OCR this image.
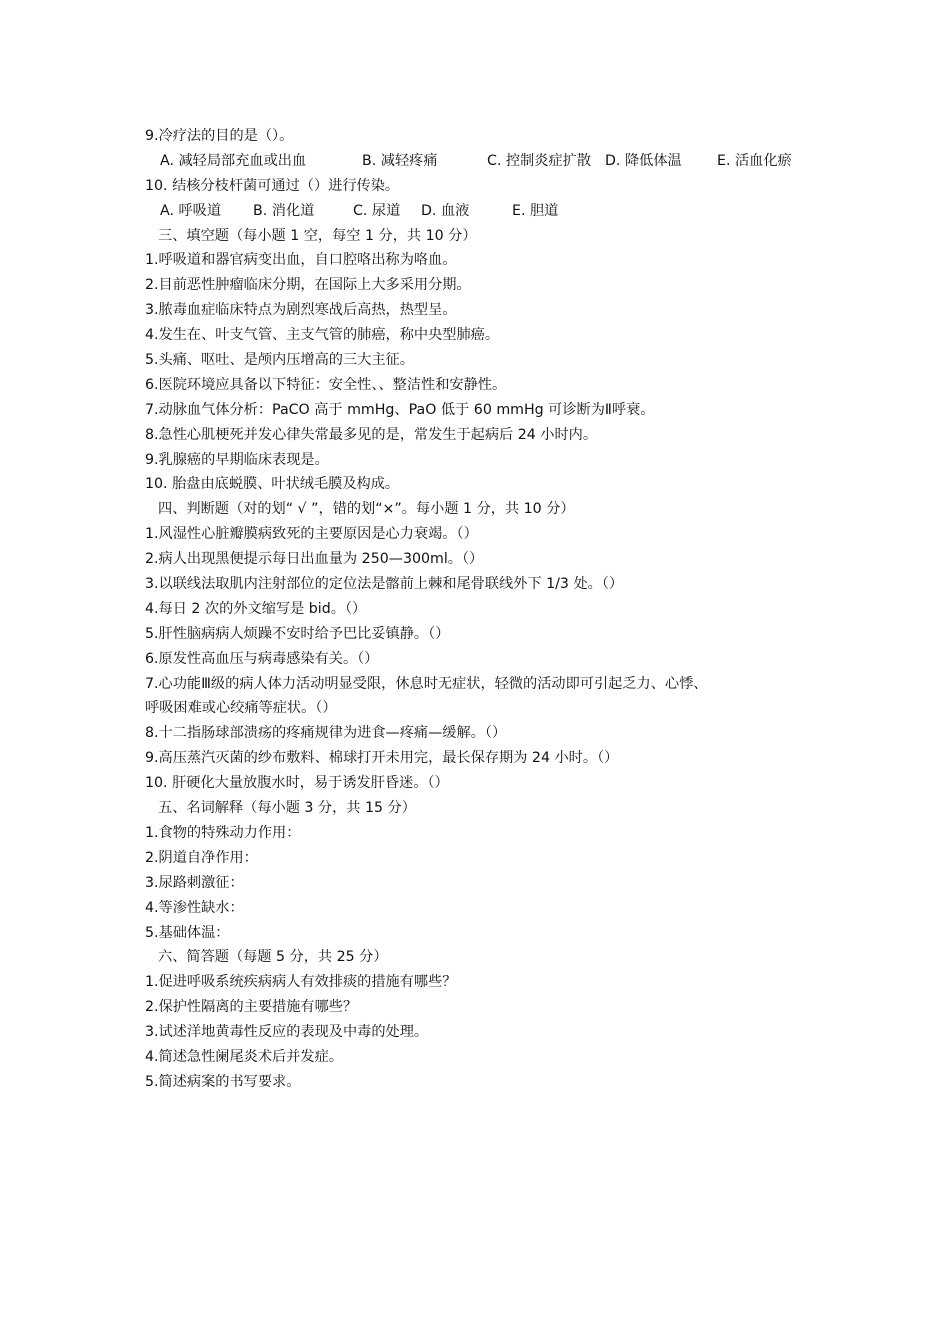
9.冷疗法的目的是（）。
A. 减轻局部充血或出血	B. 减轻疼痛	C. 控制炎症扩散 D. 降低体温 E. 活血化瘀
10. 结核分枝杆菌可通过（）进行传染。
A. 呼吸道 B. 消化道	C. 尿道 D. 血液	E. 胆道
三、填空题（每小题 1 空，每空 1 分，共 10 分）
1.呼吸道和器官病变出血，自口腔咯出称为咯血。
2.目前恶性肿瘤临床分期，在国际上大多采用分期。
3.脓毒血症临床特点为剧烈寒战后高热，热型呈。
4.发生在、叶支气管、主支气管的肺癌，称中央型肺癌。
5.头痛、呕吐、是颅内压增高的三大主征。
6.医院环境应具备以下特征：安全性、、整洁性和安静性。
7.动脉血气体分析：PaCO 高于 mmHg、PaO 低于 60 mmHg 可诊断为Ⅱ呼衰。
8.急性心肌梗死并发心律失常最多见的是，常发生于起病后 24 小时内。
9.乳腺癌的早期临床表现是。
10. 胎盘由底蜕膜、叶状绒毛膜及构成。
四、判断题（对的划“ √ ”，错的划“×”。每小题 1 分，共 10 分）
1.风湿性心脏瓣膜病致死的主要原因是心力衰竭。（）
2.病人出现黑便提示每日出血量为 250—300ml。（）
3.以联线法取肌内注射部位的定位法是髂前上棘和尾骨联线外下 1/3 处。（）
4.每日 2 次的外文缩写是 bid。（）
5.肝性脑病病人烦躁不安时给予巴比妥镇静。（）
6.原发性高血压与病毒感染有关。（）
7.心功能Ⅲ级的病人体力活动明显受限，休息时无症状，轻微的活动即可引起乏力、心悸、
呼吸困难或心绞痛等症状。（）
8.十二指肠球部溃疡的疼痛规律为进食—疼痛—缓解。（）
9.高压蒸汽灭菌的纱布敷料、棉球打开未用完，最长保存期为 24 小时。（）
10. 肝硬化大量放腹水时，易于诱发肝昏迷。（）
五、名词解释（每小题 3 分，共 15 分）
1.食物的特殊动力作用：
2.阴道自净作用：
3.尿路刺激征：
4.等渗性缺水：
5.基础体温：
六、简答题（每题 5 分，共 25 分）
1.促进呼吸系统疾病病人有效排痰的措施有哪些？
2.保护性隔离的主要措施有哪些？
3.试述洋地黄毒性反应的表现及中毒的处理。
4.简述急性阑尾炎术后并发症。
5.简述病案的书写要求。
